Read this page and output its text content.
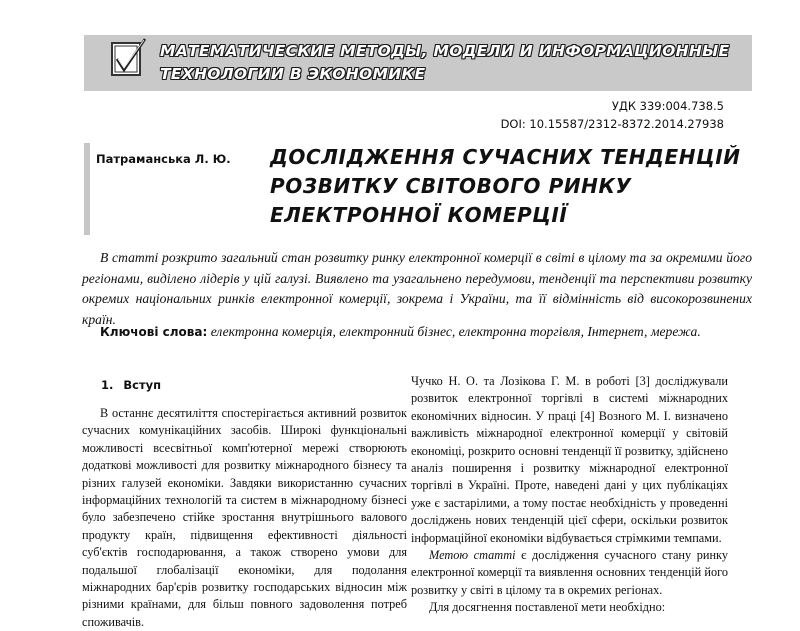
МАТЕМАТИЧЕСКИЕ МЕТОДЫ, МОДЕЛИ И ИНФОРМАЦИОННЫЕ ТЕХНОЛОГИИ В ЭКОНОМИКЕ
УДК 339:004.738.5
DOI: 10.15587/2312-8372.2014.27938
Патраманська Л. Ю. ДОСЛІДЖЕННЯ СУЧАСНИХ ТЕНДЕНЦІЙ РОЗВИТКУ СВІТОВОГО РИНКУ ЕЛЕКТРОННОЇ КОМЕРЦІЇ

В статті розкрито загальний стан розвитку ринку електронної комерції в світі в цілому та за окремими його регіонами, виділено лідерів у цій галузі. Виявлено та узагальнено передумови, тенденції та перспективи розвитку окремих національних ринків електронної комерції, зокрема і України, та її відмінність від високорозвинених країн.

Ключові слова: електронна комерція, електронний бізнес, електронна торгівля, Інтернет, мережа.

1. Вступ

В останнє десятиліття спостерігається активний розвиток сучасних комунікаційних засобів. Широкі функціональні можливості всесвітньої комп'ютерної мережі створюють додаткові можливості для розвитку міжнародного бізнесу та різних галузей економіки. Завдяки використанню сучасних інформаційних технологій та систем в міжнародному бізнесі було забезпечено стійке зростання внутрішнього валового продукту країн, підвищення ефективності діяльності суб'єктів господарювання, а також створено умови для подальшої глобалізації економіки, для подолання міжнародних бар'єрів розвитку господарських відносин між різними країнами, для більш повного задоволення потреб споживачів.

Чучко Н. О. та Лозікова Г. М. в роботі [3] досліджували розвиток електронної торгівлі в системі міжнародних економічних відносин. У праці [4] Возного М. І. визначено важливість міжнародної електронної комерції у світовій економіці, розкрито основні тенденції її розвитку, здійснено аналіз поширення і розвитку міжнародної електронної торгівлі в Україні. Проте, наведені дані у цих публікаціях уже є застарілими, а тому постає необхідність у проведенні досліджень нових тенденцій цієї сфери, оскільки розвиток інформаційної економіки відбувається стрімкими темпами.

Метою статті є дослідження сучасного стану ринку електронної комерції та виявлення основних тенденцій його розвитку у світі в цілому та в окремих регіонах.

Для досягнення поставленої мети необхідно:
